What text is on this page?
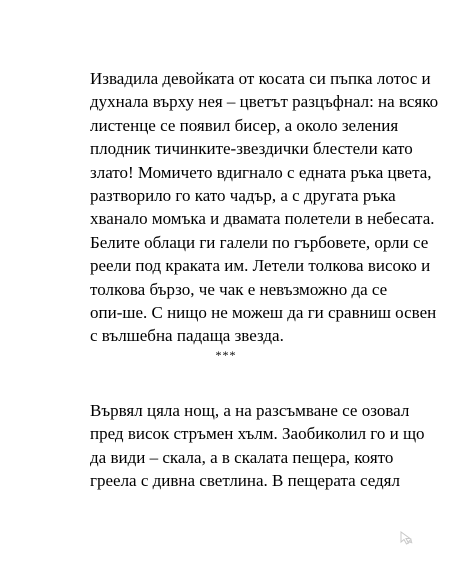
Извадила девойката от косата си пъпка лотос и
духнала върху нея – цветът разцъфнал: на всяко
листенце се появил бисер, а около зеления
плодник тичинките-звездички блестели като
злато! Момичето вдигнало с едната ръка цвета,
разтворило го като чадър, а с другата ръка
хванало момъка и двамата полетели в небесата.
Белите облаци ги галели по гърбовете, орли се
реели под краката им. Летели толкова високо и
толкова бързо, че чак е невъзможно да се
опи-ше. С нищо не можеш да ги сравниш освен
с вълшебна падаща звезда.

***

Вървял цяла нощ, а на разсъмване се озовал
пред висок стръмен хълм. Заобиколил го и що
да види – скала, а в скалата пещера, която
греела с дивна светлина. В пещерата седял
